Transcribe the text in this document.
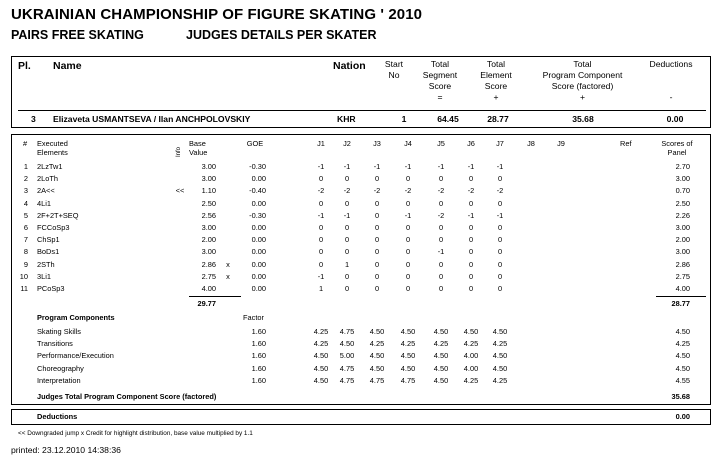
UKRAINIAN CHAMPIONSHIP OF FIGURE SKATING ' 2010
PAIRS FREE SKATING	JUDGES DETAILS PER SKATER
Pl. Name	Nation	Start
No
Total
Segment
Score
=
Total
Element
Score
+
Total
Program Component
Score (factored)
+
Deductions

-
3 Elizaveta USMANTSEVA / Ilan ANCHPOLOVSKIY	KHR	1	64.45	28.77	35.68	0.00
# Executed
Elements	Info
Base
Value
GOE	J1	J2	J3	J4	J5	J6	J7	J8	J9	Ref	Scores of
Panel
1 2LzTw1	3.00	-0.30	-1	-1	-1	-1	-1	-1	-1	2.70
2 2LoTh	3.00	0.00	0	0	0	0	0	0	0	3.00
3 2A<<	<<	1.10	-0.40	-2	-2	-2	-2	-2	-2	-2	0.70
4 4Li1	2.50	0.00	0	0	0	0	0	0	0	2.50
5 2F+2T+SEQ	2.56	-0.30	-1	-1	0	-1	-2	-1	-1	2.26
6 FCCoSp3	3.00	0.00	0	0	0	0	0	0	0	3.00
7 ChSp1	2.00	0.00	0	0	0	0	0	0	0	2.00
8 BoDs1	3.00	0.00	0	0	0	0	-1	0	0	3.00
9 2STh	2.86 x	0.00	0	1	0	0	0	0	0	2.86
10 3Li1	2.75 x	0.00	-1	0	0	0	0	0	0	2.75
11 PCoSp3	4.00	0.00	1	0	0	0	0	0	0	4.00
29.77	28.77
Program Components	Factor
Skating Skills	1.60	4.25	4.75	4.50	4.50	4.50	4.50	4.50	4.50
Transitions	1.60	4.25	4.50	4.25	4.25	4.25	4.25	4.25	4.25
Performance/Execution	1.60	4.50	5.00	4.50	4.50	4.50	4.00	4.50	4.50
Choreography	1.60	4.50	4.75	4.50	4.50	4.50	4.00	4.50	4.50
Interpretation	1.60	4.50	4.75	4.75	4.75	4.50	4.25	4.25	4.55
Judges Total Program Component Score (factored)	35.68
Deductions	0.00
<< Downgraded jump x Credit for highlight distribution, base value multiplied by 1.1
printed: 23.12.2010 14:38:36
